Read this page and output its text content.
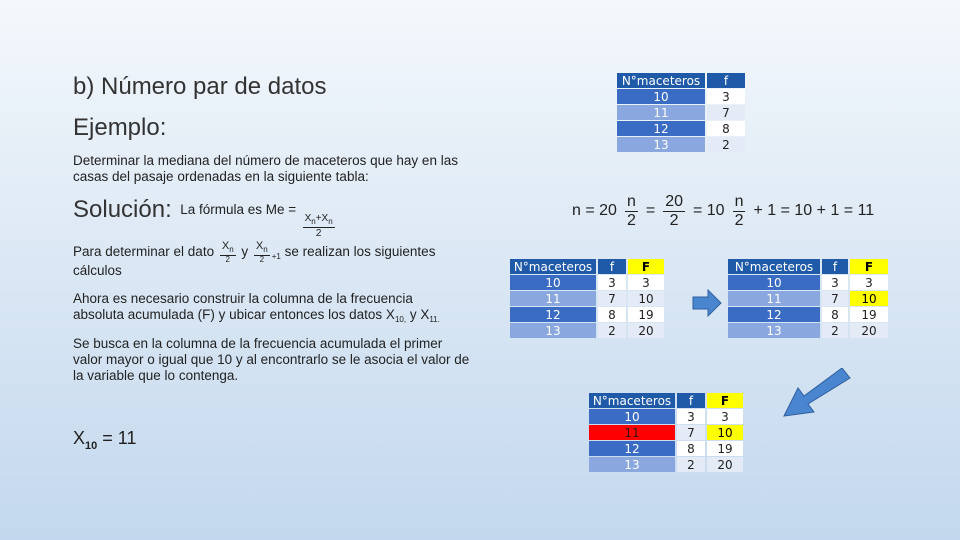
b) Número par de datos
Ejemplo:
Determinar la mediana del número de maceteros que hay en las casas del pasaje ordenadas en la siguiente tabla:
Solución: La fórmula es Me =
$\frac{X_n+X_n}{2}$
Para determinar el dato $\frac{X_n}{2}$ y $\frac{X_n}{2} _{+1}$ se realizan los siguientes
cálculos
Ahora es necesario construir la columna de la frecuencia
absoluta acumulada (F) y ubicar entonces los datos $X_{10,}$ y $X_{11.}$
Se busca en la columna de la frecuencia acumulada el primer valor mayor o igual que 10 y al encontrarlo se le asocia el valor de la variable que lo contenga.
$X_{10} = 11$
$n = 20 \frac{n}{2} = \frac{20}{2} = 10 \frac{n}{2} + 1 = 10 + 1 = 11$
N°maceteros	f
10	3
11	7
12	8
13	2
N°maceteros	f	F
10	3	3
11	7	10
12	8	19
13	2	20
N°maceteros	f	F
10	3	3
11	7	10
12	8	19
13	2	20
N°maceteros	f	F
10	3	3
11	7	10
12	8	19
13	2	20
